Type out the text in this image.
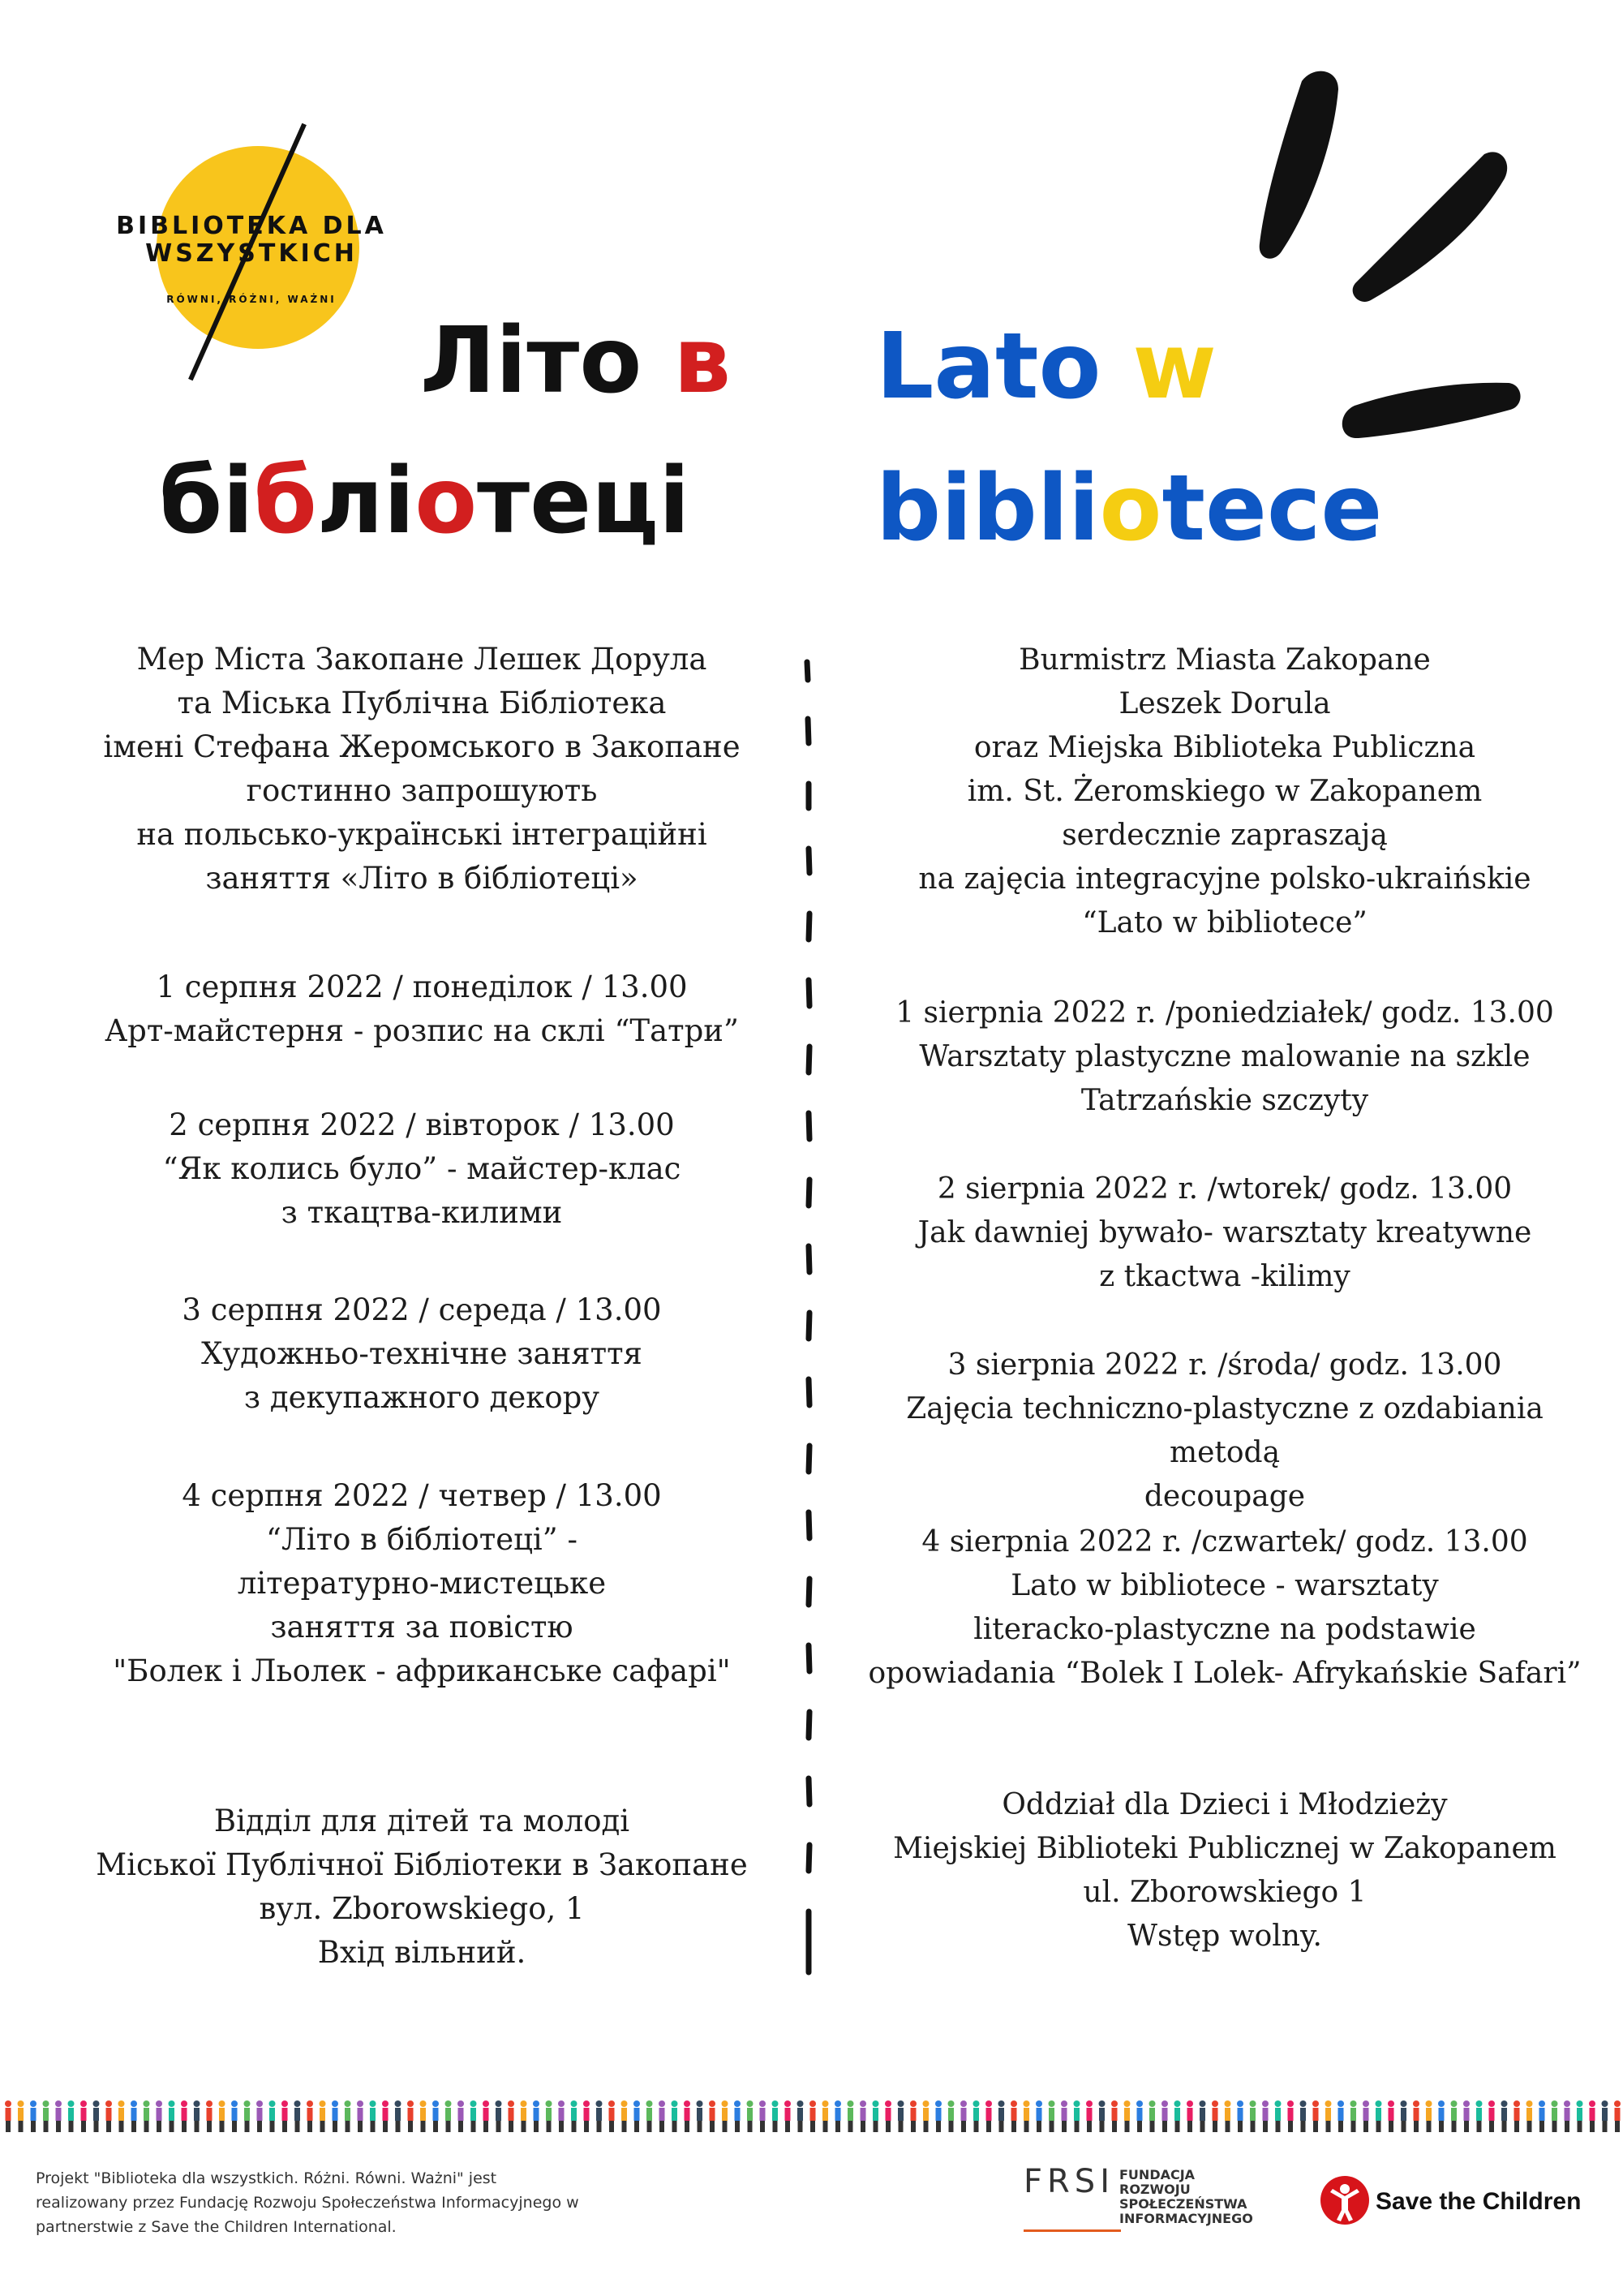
BIBLIOTEKA DLA
WSZYSTKICH
RÓWNI, RÓŻNI, WAŻNI
Літо в
бібліотеці
Lato w
bibliotece

Мер Міста Закопане Лешек Дорула

та Міська Публічна Бібліотека

імені Стефана Жеромського в Закопане

гостинно запрошують

на польсько-українські інтеграційні

заняття «Літо в бібліотеці»

1 серпня 2022 / понеділок / 13.00

Арт-майстерня - розпис на склі “Татри”

2 серпня 2022 / вівторок / 13.00

“Як колись було” - майстер-клас

з ткацтва-килими

3 серпня 2022 / середа / 13.00

Художньо-технічне заняття

з декупажного декору

4 серпня 2022 / четвер / 13.00

“Літо в бібліотеці” -

літературно-мистецьке

заняття за повістю

"Болек і Льолек - африканське сафарі"

Відділ для дітей та молоді

Міської Публічної Бібліотеки в Закопане

вул. Zborowskiego, 1

Вхід вільний.

Burmistrz Miasta Zakopane

Leszek Dorula

oraz Miejska Biblioteka Publiczna

im. St. Żeromskiego w Zakopanem

serdecznie zapraszają

na zajęcia integracyjne polsko-ukraińskie

“Lato w bibliotece”

1 sierpnia 2022 r. /poniedziałek/ godz. 13.00

Warsztaty plastyczne malowanie na szkle

Tatrzańskie szczyty

2 sierpnia 2022 r. /wtorek/ godz. 13.00

Jak dawniej bywało- warsztaty kreatywne

z tkactwa -kilimy

3 sierpnia 2022 r. /środa/ godz. 13.00

Zajęcia techniczno-plastyczne z ozdabiania metodą

decoupage

4 sierpnia 2022 r. /czwartek/ godz. 13.00

Lato w bibliotece - warsztaty

literacko-plastyczne na podstawie

opowiadania “Bolek I Lolek- Afrykańskie Safari”

Oddział dla Dzieci i Młodzieży

Miejskiej Biblioteki Publicznej w Zakopanem

ul. Zborowskiego 1

Wstęp wolny.

Projekt "Biblioteka dla wszystkich. Różni. Równi. Ważni" jest
realizowany przez Fundację Rozwoju Społeczeństwa Informacyjnego w
partnerstwie z Save the Children International.
FRSI FUNDACJA
ROZWOJU
SPOŁECZEŃSTWA
INFORMACYJNEGO
Save the Children
